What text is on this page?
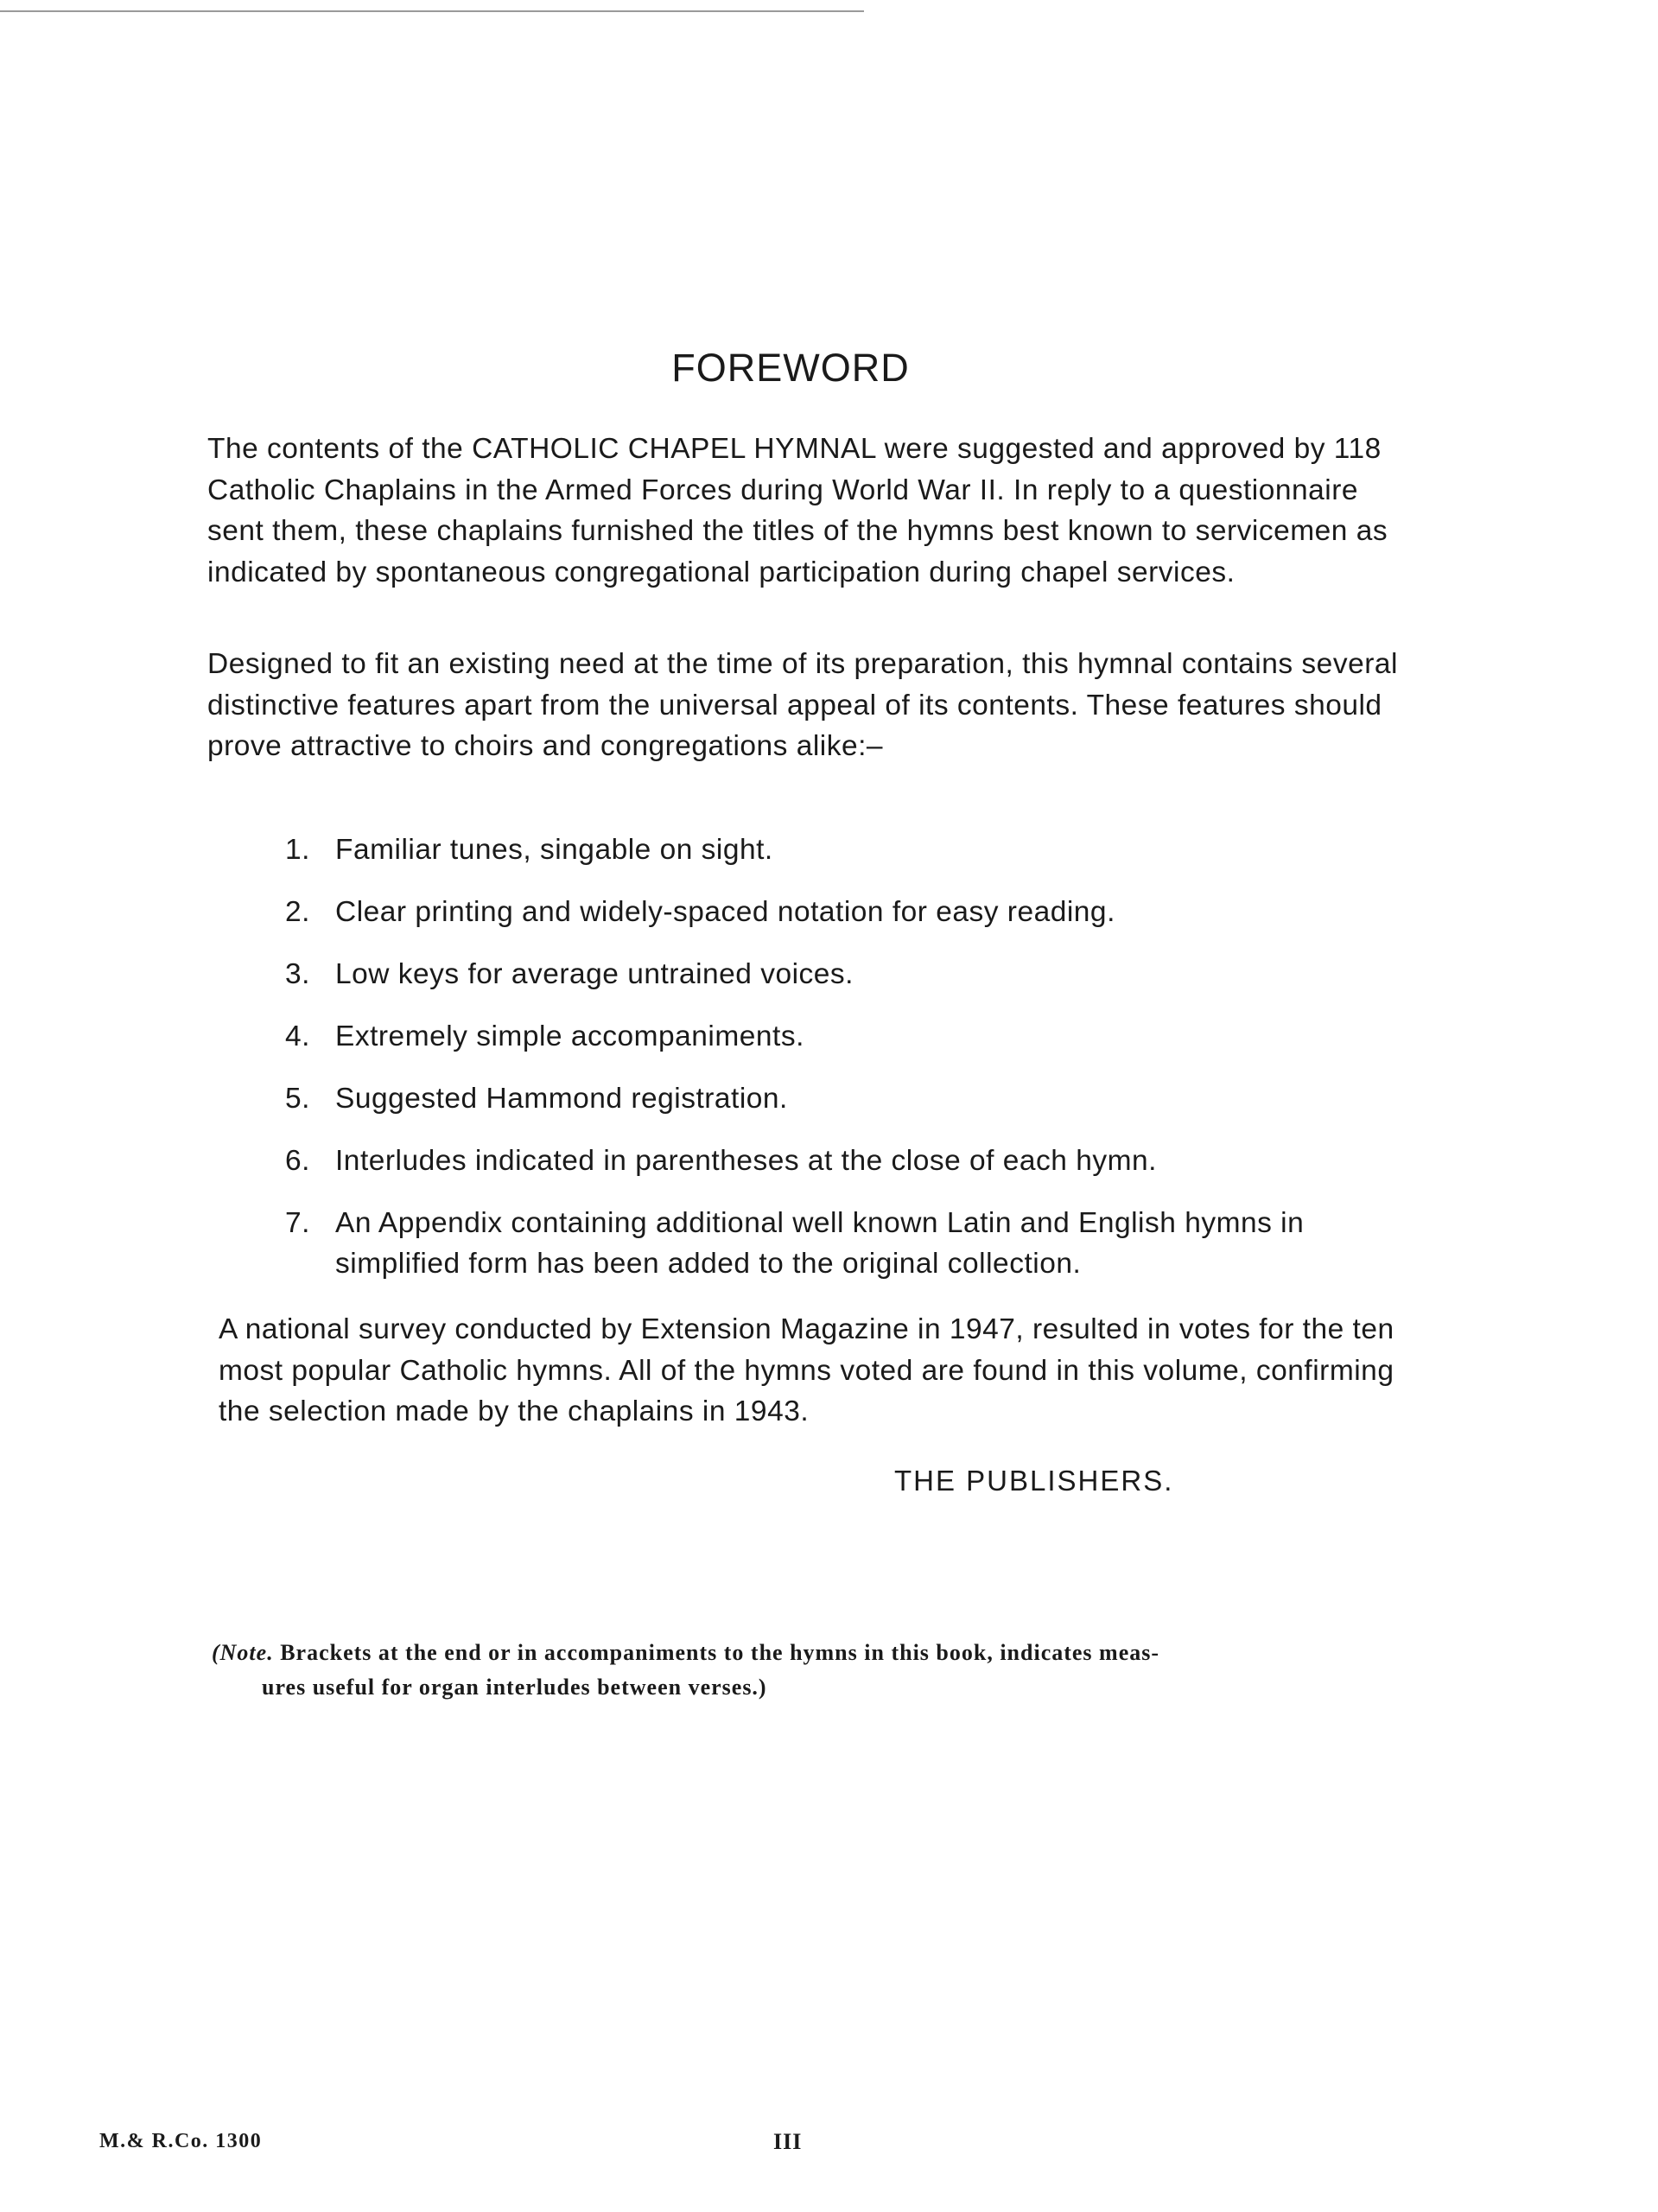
FOREWORD

The contents of the CATHOLIC CHAPEL HYMNAL were suggested and approved by 118 Catholic Chaplains in the Armed Forces during World War II. In reply to a questionnaire sent them, these chaplains furnished the titles of the hymns best known to servicemen as indicated by spontaneous congregational participation during chapel services.

Designed to fit an existing need at the time of its preparation, this hymnal contains several distinctive features apart from the universal appeal of its contents. These features should prove attractive to choirs and congregations alike:–

1. Familiar tunes, singable on sight.
2. Clear printing and widely-spaced notation for easy reading.
3. Low keys for average untrained voices.
4. Extremely simple accompaniments.
5. Suggested Hammond registration.
6. Interludes indicated in parentheses at the close of each hymn.
7. An Appendix containing additional well known Latin and English hymns in simplified form has been added to the original collection.

A national survey conducted by Extension Magazine in 1947, resulted in votes for the ten most popular Catholic hymns. All of the hymns voted are found in this volume, confirming the selection made by the chaplains in 1943.

THE PUBLISHERS.
(Note. Brackets at the end or in accompaniments to the hymns in this book, indicates meas-
ures useful for organ interludes between verses.)
M.& R.Co. 1300	III
